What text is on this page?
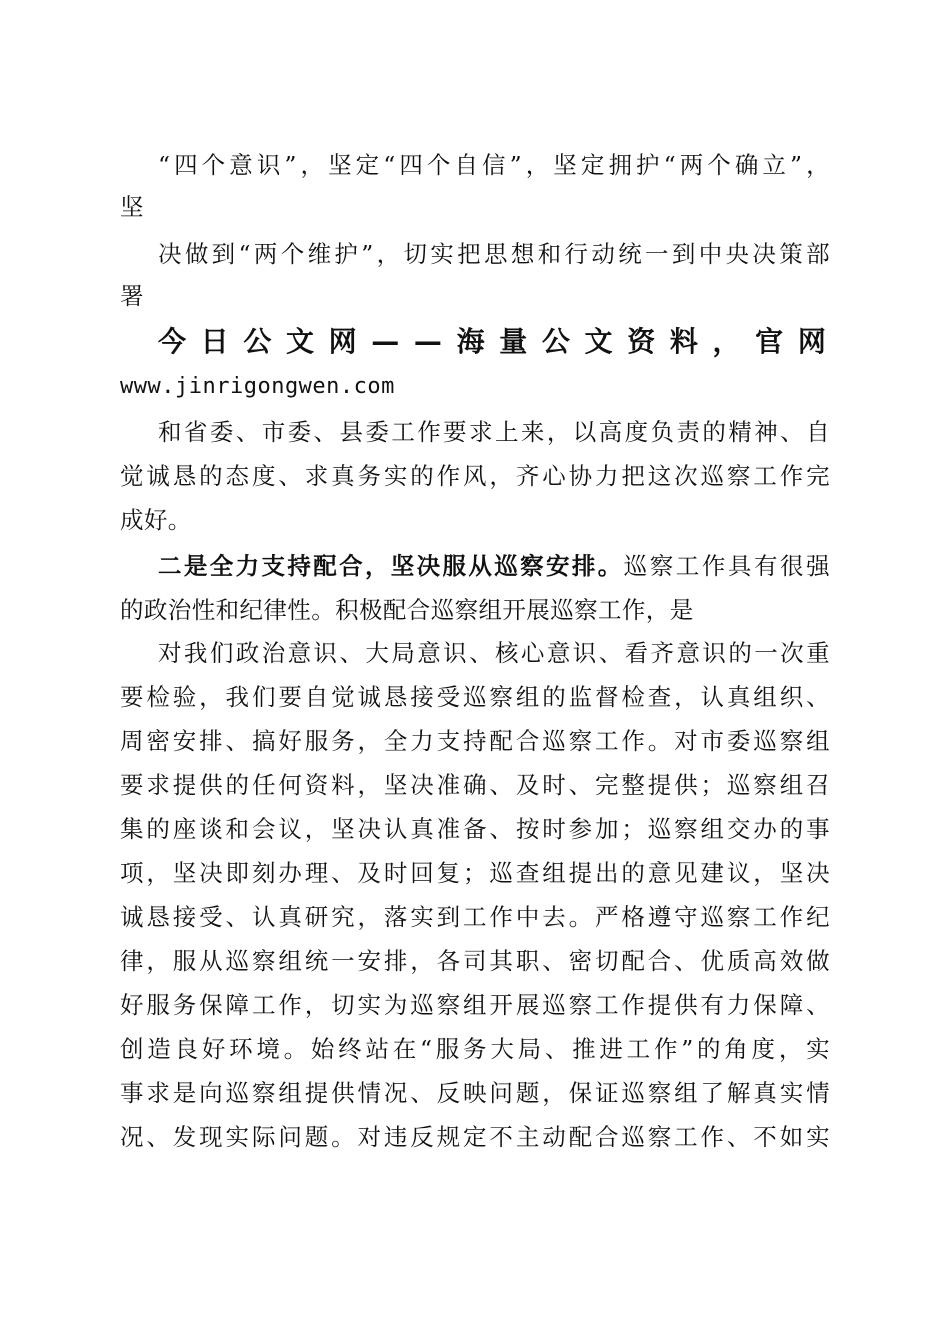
“四个意识”，坚定“四个自信”，坚定拥护“两个确立”，
坚
决做到“两个维护”，切实把思想和行动统一到中央决策部
署
今 日 公 文 网 — — 海 量 公 文 资 料 ， 官 网
www.jinrigongwen.com
和省委、市委、县委工作要求上来，以高度负责的精神、自
觉诚恳的态度、求真务实的作风，齐心协力把这次巡察工作完
成好。
二是全力支持配合，坚决服从巡察安排。巡察工作具有很强
的政治性和纪律性。积极配合巡察组开展巡察工作，是
对我们政治意识、大局意识、核心意识、看齐意识的一次重
要检验，我们要自觉诚恳接受巡察组的监督检查，认真组织、
周密安排、搞好服务，全力支持配合巡察工作。对市委巡察组
要求提供的任何资料，坚决准确、及时、完整提供；巡察组召
集的座谈和会议，坚决认真准备、按时参加；巡察组交办的事
项，坚决即刻办理、及时回复；巡查组提出的意见建议，坚决
诚恳接受、认真研究，落实到工作中去。严格遵守巡察工作纪
律，服从巡察组统一安排，各司其职、密切配合、优质高效做
好服务保障工作，切实为巡察组开展巡察工作提供有力保障、
创造良好环境。始终站在“服务大局、推进工作”的角度，实
事求是向巡察组提供情况、反映问题，保证巡察组了解真实情
况、发现实际问题。对违反规定不主动配合巡察工作、不如实
